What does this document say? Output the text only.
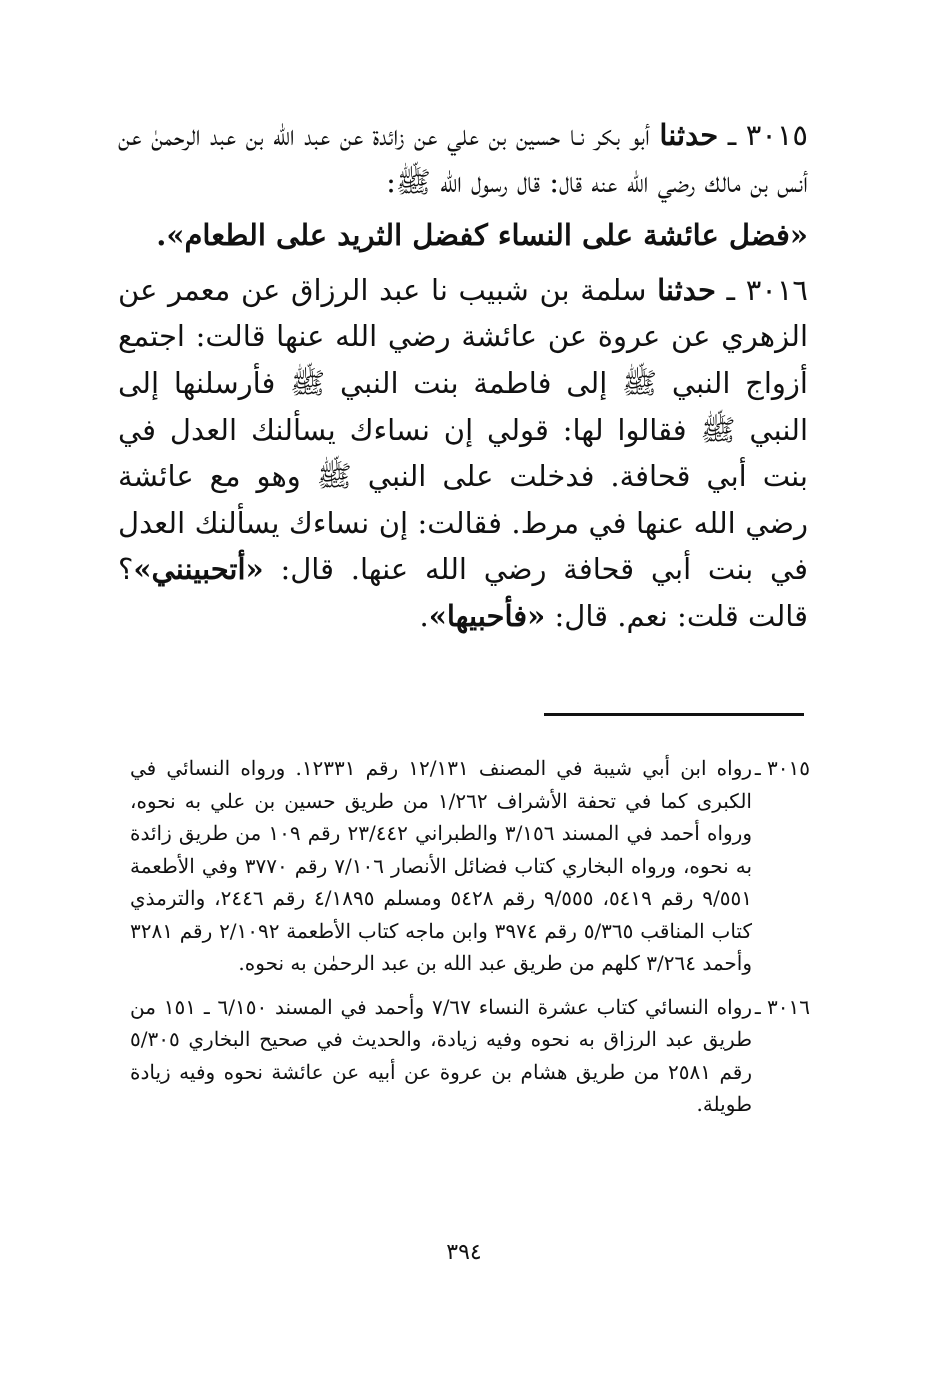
٣٠١٥ ـ حدثنا أبو بكر نـا حسين بن علي عن زائدة عن عبد الله بن عبد الرحمنٰ عن أنس بن مالك رضي الله عنه قال: قال رسول الله ﷺ:

«فضل عائشة على النساء كفضل الثريد على الطعام».

٣٠١٦ ـ حدثنا سلمة بن شبيب نا عبد الرزاق عن معمر عن الزهري عن عروة عن عائشة رضي الله عنها قالت: اجتمع أزواج النبي ﷺ إلى فاطمة بنت النبي ﷺ فأرسلنها إلى النبي ﷺ فقالوا لها: قولي إن نساءك يسألنك العدل في بنت أبي قحافة. فدخلت على النبي ﷺ وهو مع عائشة رضي الله عنها في مرط. فقالت: إن نساءك يسألنك العدل في بنت أبي قحافة رضي الله عنها. قال: «أتحبينني»؟ قالت قلت: نعم. قال: «فأحبيها».

٣٠١٥ ـ
رواه ابن أبي شيبة في المصنف ١٢/١٣١ رقم ١٢٣٣١. ورواه النسائي في الكبرى كما في تحفة الأشراف ١/٢٦٢ من طريق حسين بن علي به نحوه، ورواه أحمد في المسند ٣/١٥٦ والطبراني ٢٣/٤٤٢ رقم ١٠٩ من طريق زائدة به نحوه، ورواه البخاري كتاب فضائل الأنصار ٧/١٠٦ رقم ٣٧٧٠ وفي الأطعمة ٩/٥٥١ رقم ٥٤١٩، ٩/٥٥٥ رقم ٥٤٢٨ ومسلم ٤/١٨٩٥ رقم ٢٤٤٦، والترمذي كتاب المناقب ٥/٣٦٥ رقم ٣٩٧٤ وابن ماجه كتاب الأطعمة ٢/١٠٩٢ رقم ٣٢٨١ وأحمد ٣/٢٦٤ كلهم من طريق عبد الله بن عبد الرحمٰن به نحوه.

٣٠١٦ ـ
رواه النسائي كتاب عشرة النساء ٧/٦٧ وأحمد في المسند ٦/١٥٠ ـ ١٥١ من طريق عبد الرزاق به نحوه وفيه زيادة، والحديث في صحيح البخاري ٥/٣٠٥ رقم ٢٥٨١ من طريق هشام بن عروة عن أبيه عن عائشة نحوه وفيه زيادة طويلة.

٣٩٤
